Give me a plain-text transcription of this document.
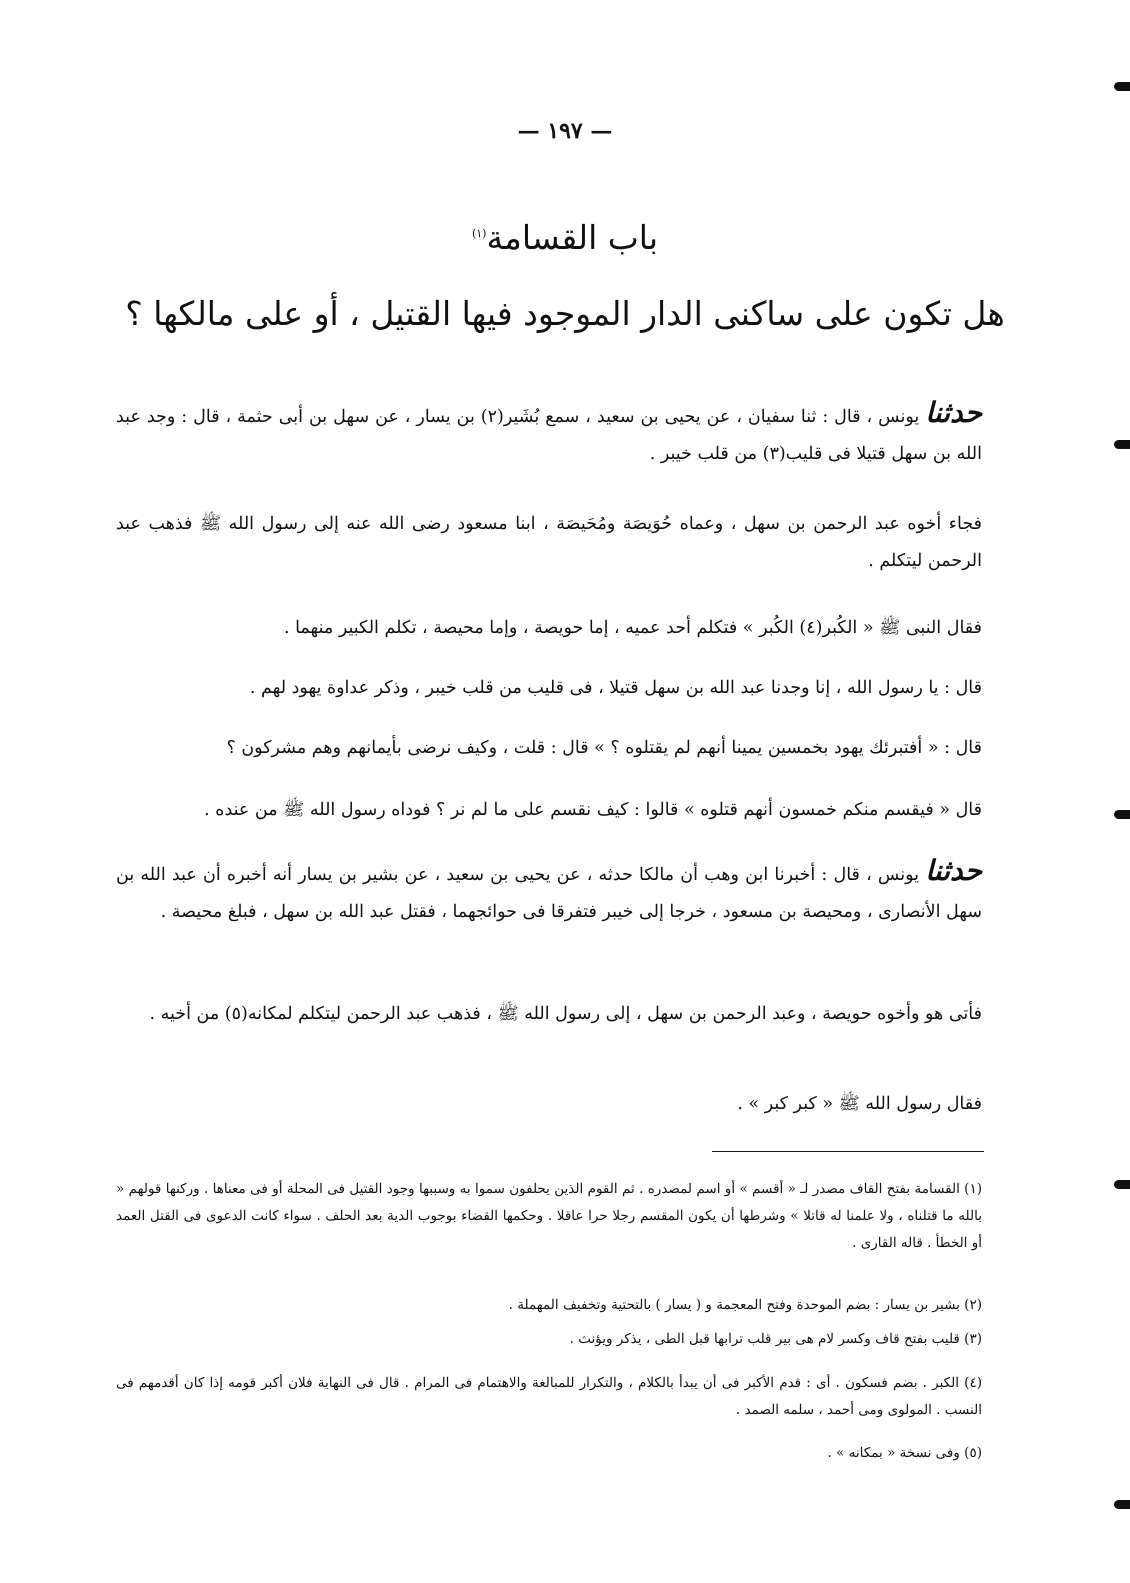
— ١٩٧ —
باب القسامة$^{(١)}$
هل تكون على ساكنى الدار الموجود فيها القتيل ، أو على مالكها ؟

حدثنا يونس ، قال : ثنا سفيان ، عن يحيى بن سعيد ، سمع بُشَير(٢) بن يسار ، عن سهل بن أبى حثمة ، قال : وجد عبد الله بن سهل قتيلا فى قليب(٣) من قلب خيبر .

فجاء أخوه عبد الرحمن بن سهل ، وعماه حُوَيصَة ومُحَيصَة ، ابنا مسعود رضى الله عنه إلى رسول الله ﷺ فذهب عبد الرحمن ليتكلم .

فقال النبى ﷺ « الكُبر(٤) الكُبر » فتكلم أحد عميه ، إما حويصة ، وإما محيصة ، تكلم الكبير منهما .

قال : يا رسول الله ، إنا وجدنا عبد الله بن سهل قتيلا ، فى قليب من قلب خيبر ، وذكر عداوة يهود لهم .

قال : « أفتبرئك يهود بخمسين يمينا أنهم لم يقتلوه ؟ » قال : قلت ، وكيف نرضى بأيمانهم وهم مشركون ؟

قال « فيقسم منكم خمسون أنهم قتلوه » قالوا : كيف نقسم على ما لم نر ؟ فوداه رسول الله ﷺ من عنده .

حدثنا يونس ، قال : أخبرنا ابن وهب أن مالكا حدثه ، عن يحيى بن سعيد ، عن بشير بن يسار أنه أخبره أن عبد الله بن سهل الأنصارى ، ومحيصة بن مسعود ، خرجا إلى خيبر فتفرقا فى حوائجهما ، فقتل عبد الله بن سهل ، فبلغ محيصة .

فأتى هو وأخوه حويصة ، وعبد الرحمن بن سهل ، إلى رسول الله ﷺ ، فذهب عبد الرحمن ليتكلم لمكانه(٥) من أخيه .

فقال رسول الله ﷺ « كبر كبر » .

(١) القسامة بفتح القاف مصدر لـ « أقسم » أو اسم لمصدره . ثم القوم الذين يحلفون سموا به وسببها وجود القتيل فى المحلة أو فى معناها . وركنها قولهم « بالله ما قتلناه ، ولا علمنا له قاتلا » وشرطها أن يكون المقسم رجلا حرا عاقلا . وحكمها القضاء بوجوب الدية بعد الحلف . سواء كانت الدعوى فى القتل العمد أو الخطأ . قاله القارى .

(٢) بشير بن يسار : بضم الموحدة وفتح المعجمة و ( يسار ) بالتحتية وتخفيف المهملة .

(٣) قليب بفتح قاف وكسر لام هى بير قلب ترابها قبل الطى ، يذكر ويؤنث .

(٤) الكبر . بضم فسكون . أى : قدم الأكبر فى أن يبدأ بالكلام ، والتكرار للمبالغة والاهتمام فى المرام . قال فى النهاية فلان أكبر قومه إذا كان أقدمهم فى النسب . المولوى ومى أحمد ، سلمه الصمد .

(٥) وفى نسخة « بمكانه » .
